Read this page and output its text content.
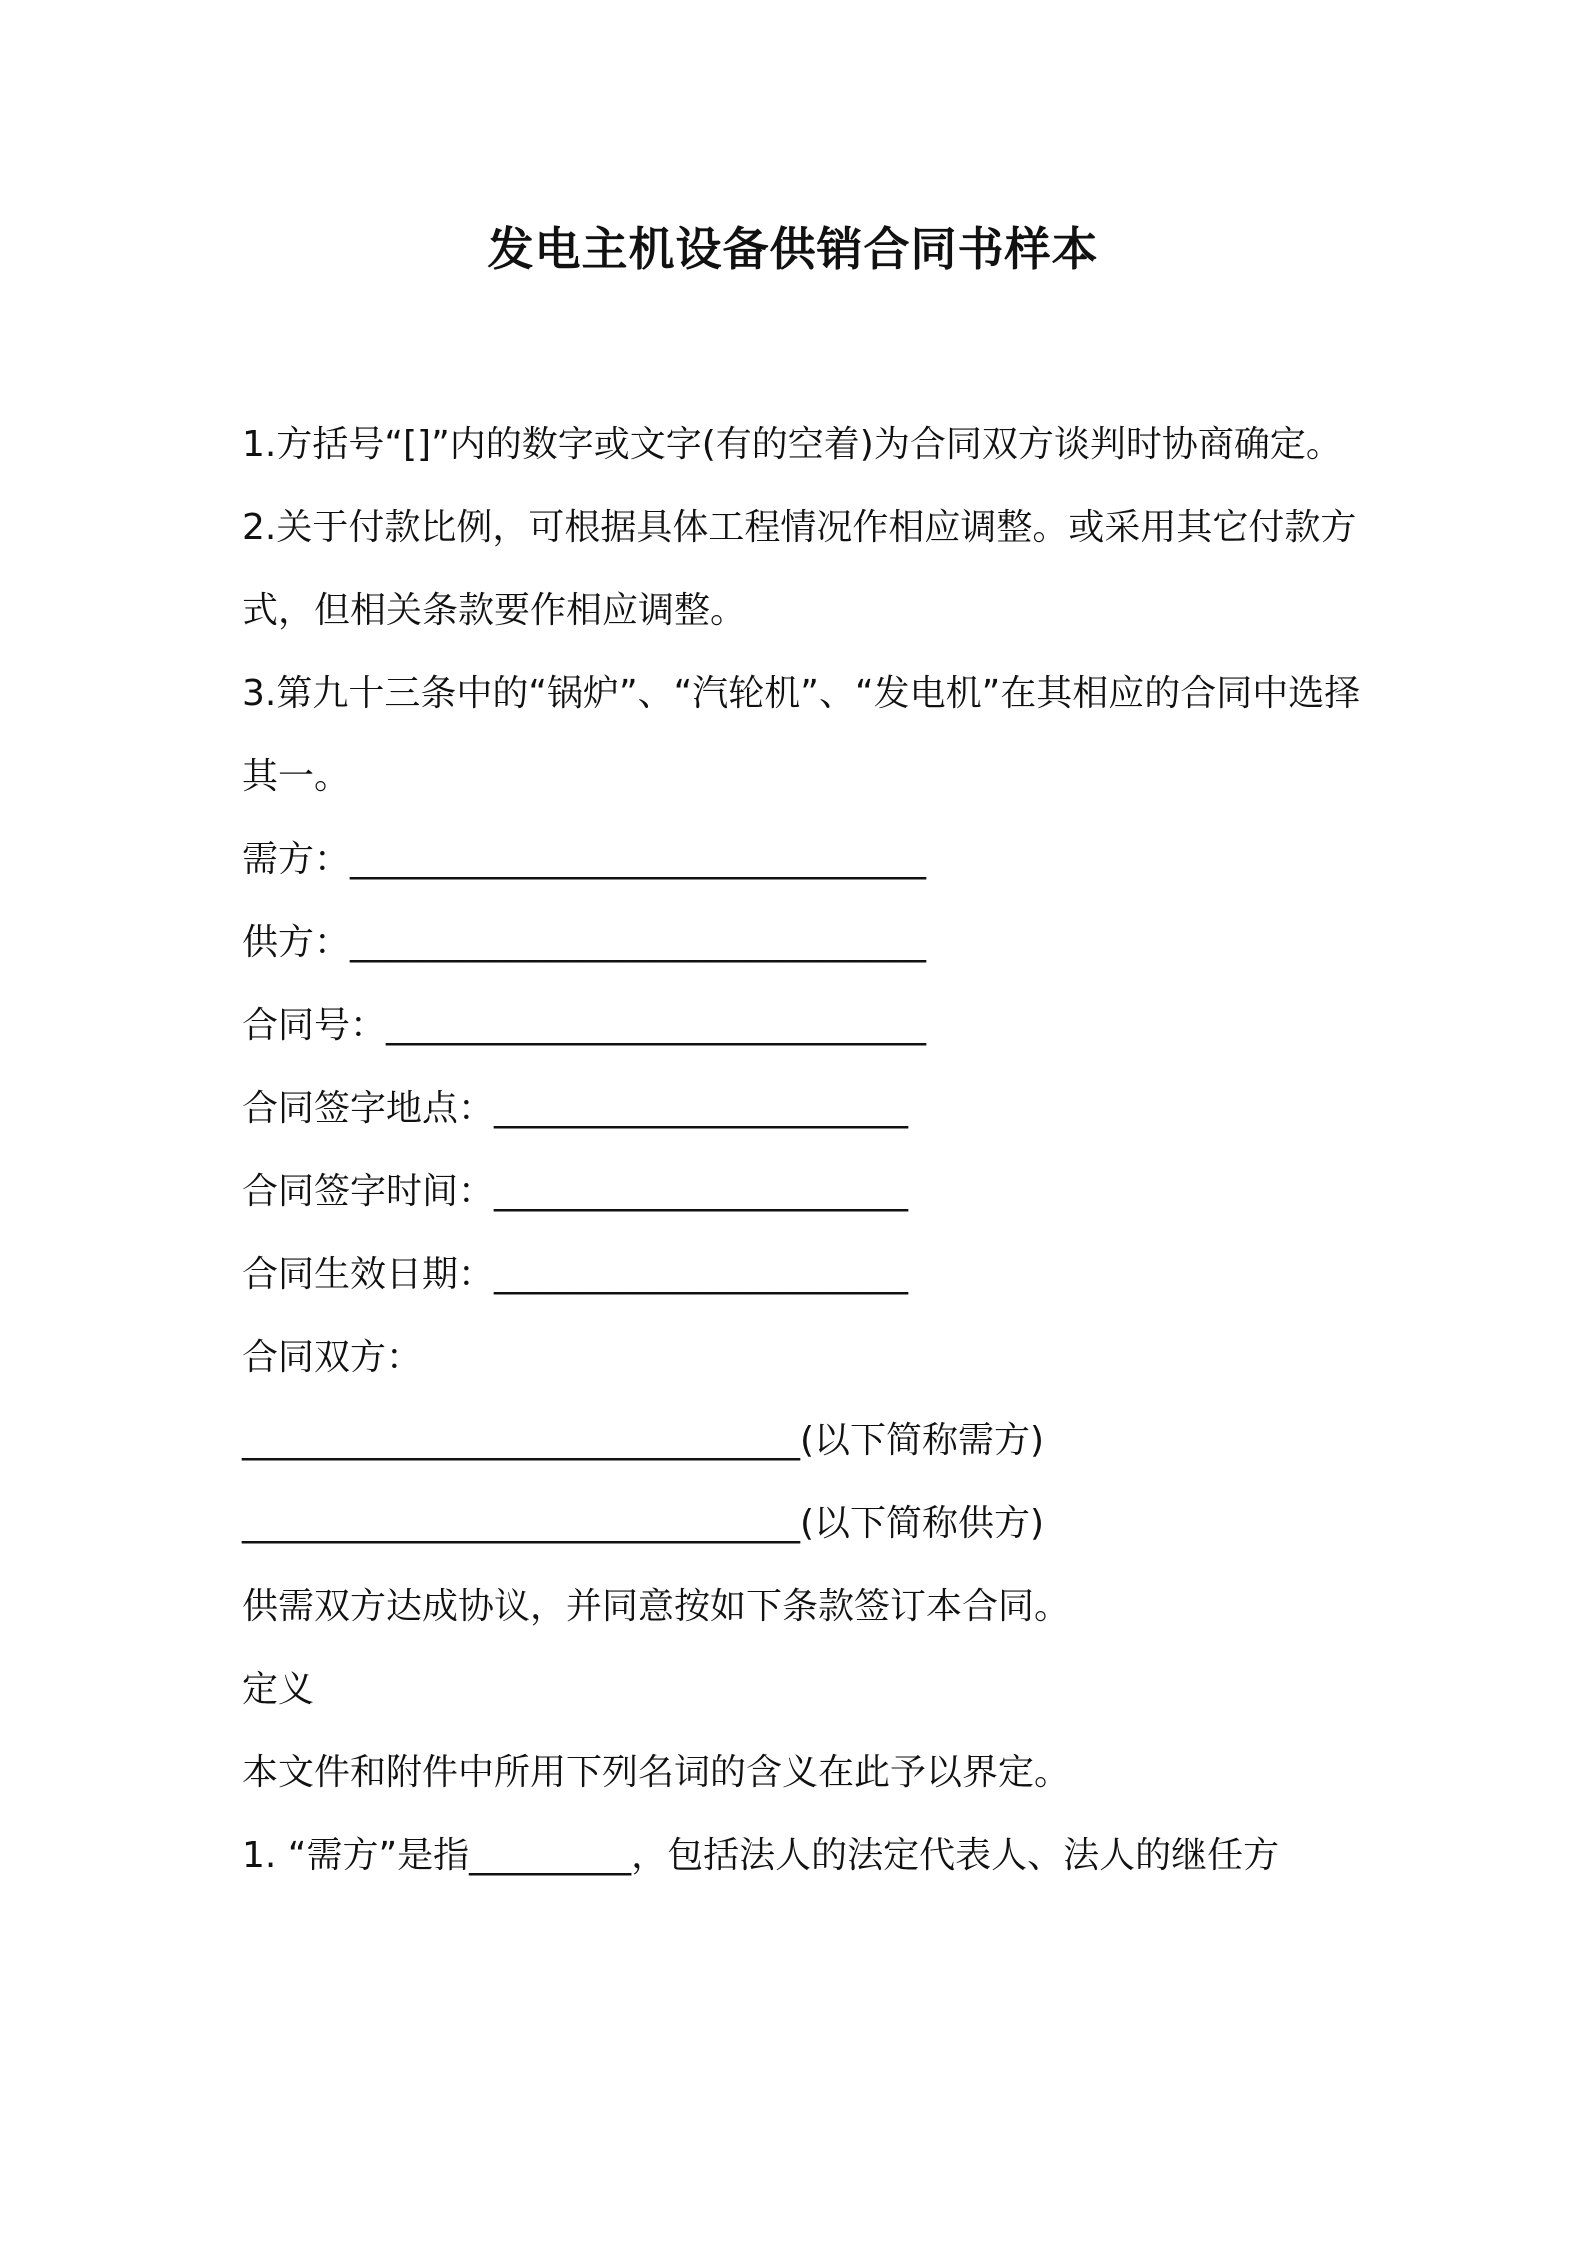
发电主机设备供销合同书样本

1.方括号“[]”内的数字或文字(有的空着)为合同双方谈判时协商确定。

2.关于付款比例，可根据具体工程情况作相应调整。或采用其它付款方式，但相关条款要作相应调整。

3.第九十三条中的“锅炉”、“汽轮机”、“发电机”在其相应的合同中选择其一。

需方：________________________________

供方：________________________________

合同号：______________________________

合同签字地点：_______________________

合同签字时间：_______________________

合同生效日期：_______________________

合同双方：

_______________________________(以下简称需方)

_______________________________(以下简称供方)

供需双方达成协议，并同意按如下条款签订本合同。

定义

本文件和附件中所用下列名词的含义在此予以界定。

1. “需方”是指_________，包括法人的法定代表人、法人的继任方
